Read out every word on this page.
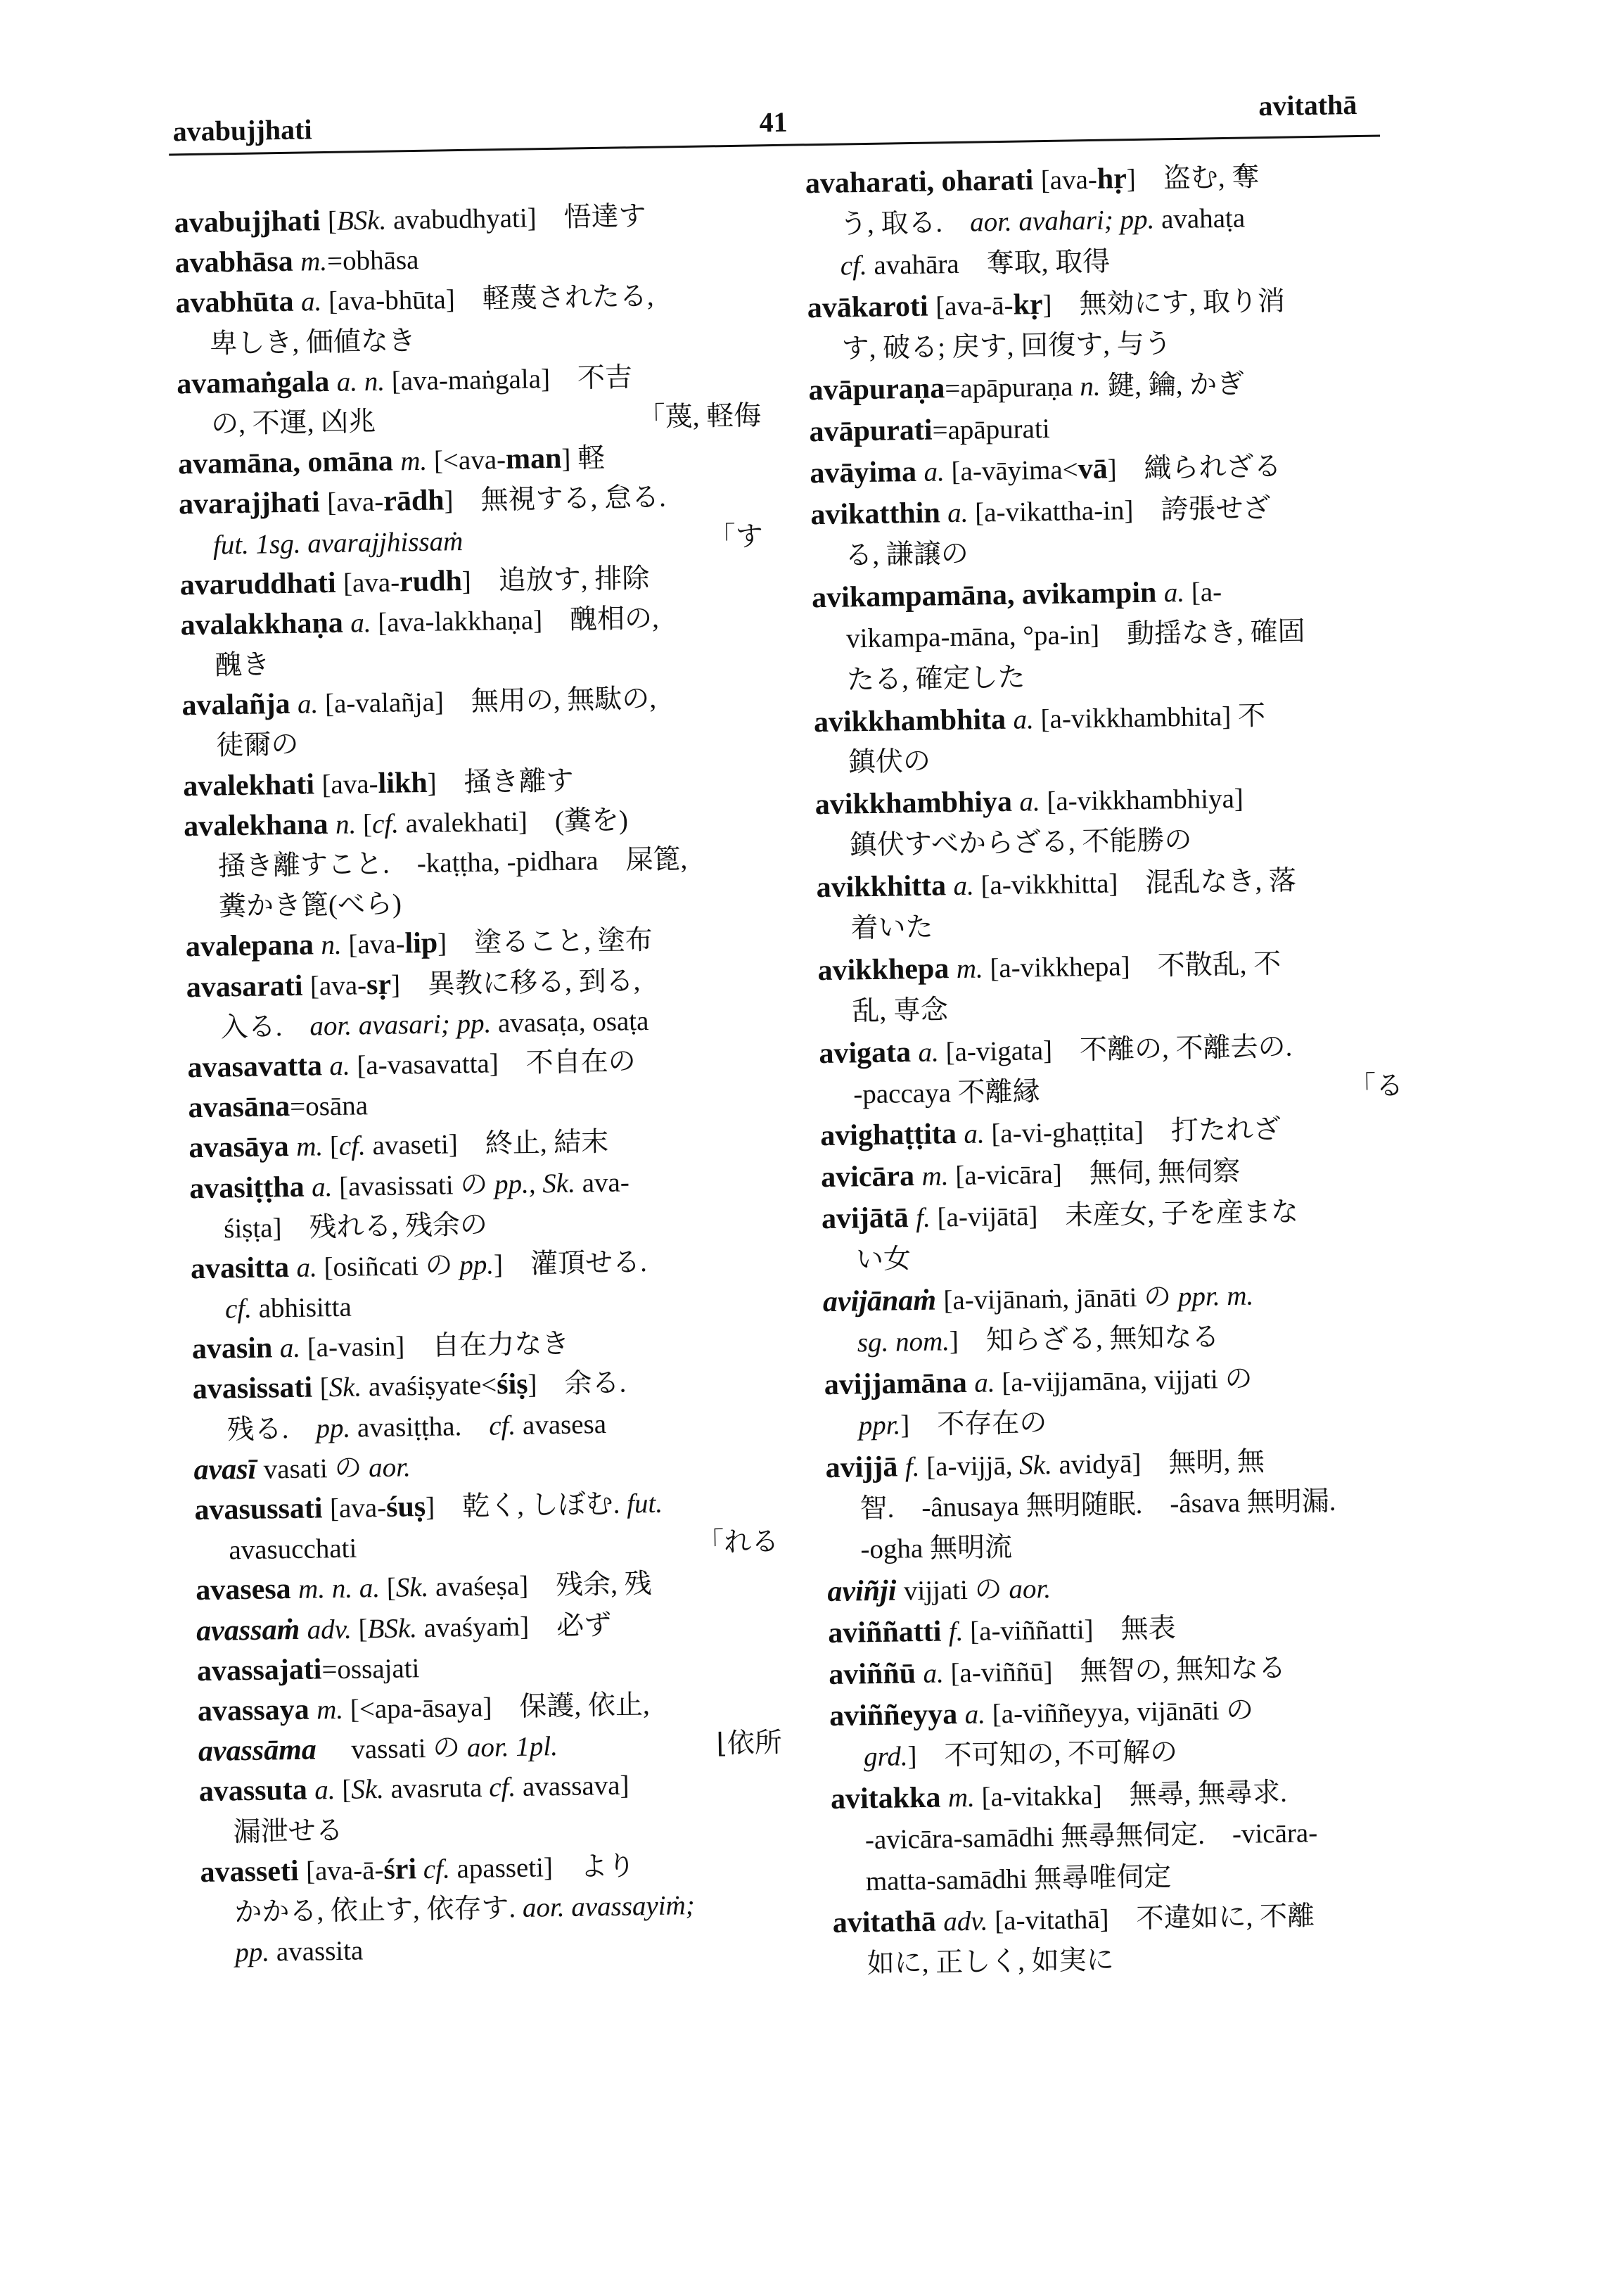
avabujjhati	41
avitathā
avabujjhati [BSk. avabudhyati]　悟達す
avabhāsa m.=obhāsa
avabhūta a. [ava-bhūta]　軽蔑されたる,
卑しき, 価値なき
avamaṅgala a. n. [ava-maṅgala]　不吉
の, 不運, 凶兆	「蔑, 軽侮
avamāna, omāna m. [<ava-man] 軽
avarajjhati [ava-rādh]　無視する, 怠る.
fut. 1sg. avarajjhissaṁ	「す
avaruddhati [ava-rudh]　追放す, 排除
avalakkhaṇa a. [ava-lakkhaṇa]　醜相の,
醜き
avalañja a. [a-valañja]　無用の, 無駄の,
徒爾の
avalekhati [ava-likh]　掻き離す
avalekhana n. [cf. avalekhati]　(糞を)
掻き離すこと.　-kaṭṭha, -pidhara　屎篦,
糞かき篦(べら)
avalepana n. [ava-lip]　塗ること, 塗布
avasarati [ava-sṛ]　異教に移る, 到る,
入る.　aor. avasari; pp. avasaṭa, osaṭa
avasavatta a. [a-vasavatta]　不自在の
avasāna=osāna
avasāya m. [cf. avaseti]　終止, 結末
avasiṭṭha a. [avasissati の pp., Sk. ava-
śiṣṭa]　残れる, 残余の
avasitta a. [osiñcati の pp.]　灌頂せる.
cf. abhisitta
avasin a. [a-vasin]　自在力なき
avasissati [Sk. avaśiṣyate<śiṣ]　余る.
残る.　pp. avasiṭṭha.　cf. avasesa
avasī vasati の aor.
avasussati [ava-śuṣ]　乾く, しぼむ. fut.
avasucchati	「れる
avasesa m. n. a. [Sk. avaśeṣa]　残余, 残
avassaṁ adv. [BSk. avaśyaṁ]　必ず
avassajati=ossajati
avassaya m. [<apa-āsaya]　保護, 依止,
avassāma 　vassati の aor. 1pl.	⌊依所
avassuta a. [Sk. avasruta cf. avassava]
漏泄せる
avasseti [ava-ā-śri cf. apasseti]　より
かかる, 依止す, 依存す. aor. avassayiṁ;
pp. avassita
avaharati, oharati [ava-hṛ]　盗む, 奪
う, 取る.　aor. avahari; pp. avahaṭa
cf. avahāra　奪取, 取得
avākaroti [ava-ā-kṛ]　無効にす, 取り消
す, 破る; 戻す, 回復す, 与う
avāpuraṇa=apāpuraṇa n. 鍵, 鑰, かぎ
avāpurati=apāpurati
avāyima a. [a-vāyima<vā]　織られざる
avikatthin a. [a-vikattha-in]　誇張せざ
る, 謙譲の
avikampamāna, avikampin a. [a-
vikampa-māna, °pa-in]　動揺なき, 確固
たる, 確定した
avikkhambhita a. [a-vikkhambhita] 不
鎮伏の
avikkhambhiya a. [a-vikkhambhiya]
鎮伏すべからざる, 不能勝の
avikkhitta a. [a-vikkhitta]　混乱なき, 落
着いた
avikkhepa m. [a-vikkhepa]　不散乱, 不
乱, 専念
avigata a. [a-vigata]　不離の, 不離去の.
-paccaya 不離縁	「る
avighaṭṭita a. [a-vi-ghaṭṭita]　打たれざ
avicāra m. [a-vicāra]　無伺, 無伺察
avijātā f. [a-vijātā]　未産女, 子を産まな
い女
avijānaṁ [a-vijānaṁ, jānāti の ppr. m.
sg. nom.]　知らざる, 無知なる
avijjamāna a. [a-vijjamāna, vijjati の
ppr.]　不存在の
avijjā f. [a-vijjā, Sk. avidyā]　無明, 無
智.　-ânusaya 無明随眠.　-âsava 無明漏.
-ogha 無明流
aviñji vijjati の aor.
aviññatti f. [a-viññatti]　無表
aviññū a. [a-viññū]　無智の, 無知なる
aviññeyya a. [a-viññeyya, vijānāti の
grd.]　不可知の, 不可解の
avitakka m. [a-vitakka]　無尋, 無尋求.
-avicāra-samādhi 無尋無伺定.　-vicāra-
matta-samādhi 無尋唯伺定
avitathā adv. [a-vitathā]　不違如に, 不離
如に, 正しく, 如実に
